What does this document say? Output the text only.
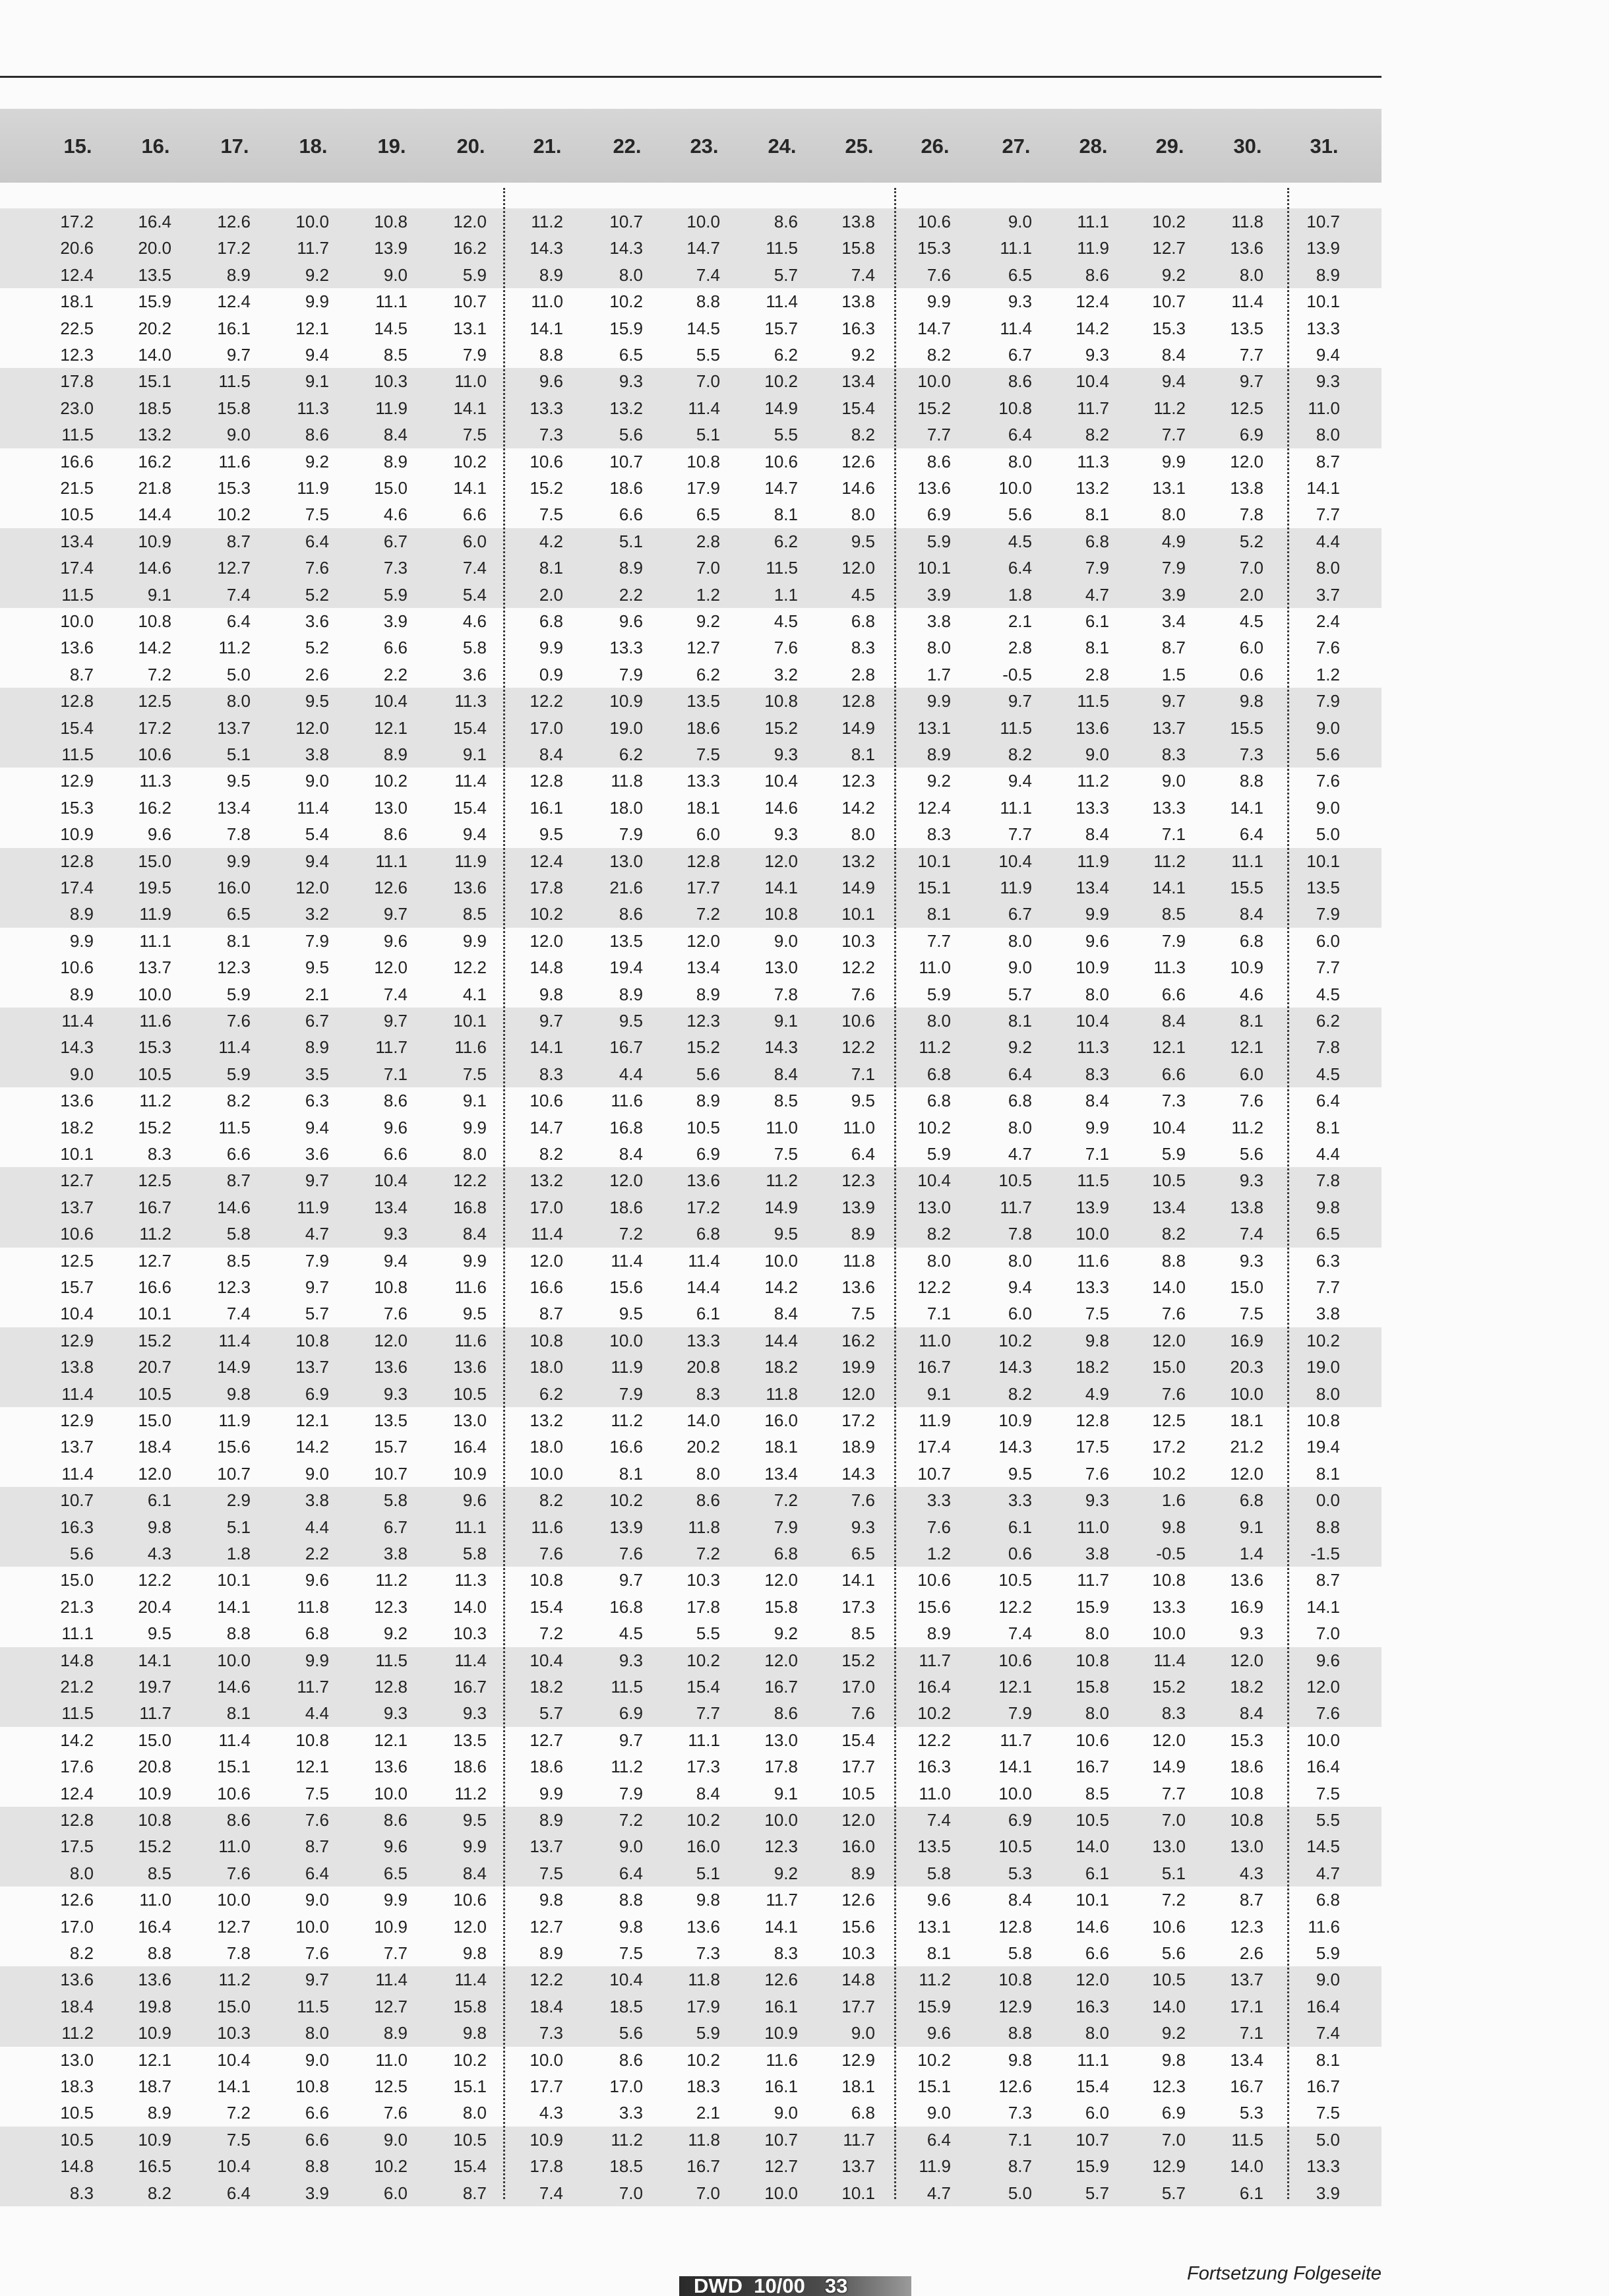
15.	16.	17.	18.	19.	20.	21.	22.	23.	24.	25.	26.	27.	28.	29.	30.	31.
17.2	16.4	12.6	10.0	10.8	12.0	11.2	10.7	10.0	8.6	13.8	10.6	9.0	11.1	10.2	11.8	10.7
20.6	20.0	17.2	11.7	13.9	16.2	14.3	14.3	14.7	11.5	15.8	15.3	11.1	11.9	12.7	13.6	13.9
12.4	13.5	8.9	9.2	9.0	5.9	8.9	8.0	7.4	5.7	7.4	7.6	6.5	8.6	9.2	8.0	8.9
18.1	15.9	12.4	9.9	11.1	10.7	11.0	10.2	8.8	11.4	13.8	9.9	9.3	12.4	10.7	11.4	10.1
22.5	20.2	16.1	12.1	14.5	13.1	14.1	15.9	14.5	15.7	16.3	14.7	11.4	14.2	15.3	13.5	13.3
12.3	14.0	9.7	9.4	8.5	7.9	8.8	6.5	5.5	6.2	9.2	8.2	6.7	9.3	8.4	7.7	9.4
17.8	15.1	11.5	9.1	10.3	11.0	9.6	9.3	7.0	10.2	13.4	10.0	8.6	10.4	9.4	9.7	9.3
23.0	18.5	15.8	11.3	11.9	14.1	13.3	13.2	11.4	14.9	15.4	15.2	10.8	11.7	11.2	12.5	11.0
11.5	13.2	9.0	8.6	8.4	7.5	7.3	5.6	5.1	5.5	8.2	7.7	6.4	8.2	7.7	6.9	8.0
16.6	16.2	11.6	9.2	8.9	10.2	10.6	10.7	10.8	10.6	12.6	8.6	8.0	11.3	9.9	12.0	8.7
21.5	21.8	15.3	11.9	15.0	14.1	15.2	18.6	17.9	14.7	14.6	13.6	10.0	13.2	13.1	13.8	14.1
10.5	14.4	10.2	7.5	4.6	6.6	7.5	6.6	6.5	8.1	8.0	6.9	5.6	8.1	8.0	7.8	7.7
13.4	10.9	8.7	6.4	6.7	6.0	4.2	5.1	2.8	6.2	9.5	5.9	4.5	6.8	4.9	5.2	4.4
17.4	14.6	12.7	7.6	7.3	7.4	8.1	8.9	7.0	11.5	12.0	10.1	6.4	7.9	7.9	7.0	8.0
11.5	9.1	7.4	5.2	5.9	5.4	2.0	2.2	1.2	1.1	4.5	3.9	1.8	4.7	3.9	2.0	3.7
10.0	10.8	6.4	3.6	3.9	4.6	6.8	9.6	9.2	4.5	6.8	3.8	2.1	6.1	3.4	4.5	2.4
13.6	14.2	11.2	5.2	6.6	5.8	9.9	13.3	12.7	7.6	8.3	8.0	2.8	8.1	8.7	6.0	7.6
8.7	7.2	5.0	2.6	2.2	3.6	0.9	7.9	6.2	3.2	2.8	1.7	-0.5	2.8	1.5	0.6	1.2
12.8	12.5	8.0	9.5	10.4	11.3	12.2	10.9	13.5	10.8	12.8	9.9	9.7	11.5	9.7	9.8	7.9
15.4	17.2	13.7	12.0	12.1	15.4	17.0	19.0	18.6	15.2	14.9	13.1	11.5	13.6	13.7	15.5	9.0
11.5	10.6	5.1	3.8	8.9	9.1	8.4	6.2	7.5	9.3	8.1	8.9	8.2	9.0	8.3	7.3	5.6
12.9	11.3	9.5	9.0	10.2	11.4	12.8	11.8	13.3	10.4	12.3	9.2	9.4	11.2	9.0	8.8	7.6
15.3	16.2	13.4	11.4	13.0	15.4	16.1	18.0	18.1	14.6	14.2	12.4	11.1	13.3	13.3	14.1	9.0
10.9	9.6	7.8	5.4	8.6	9.4	9.5	7.9	6.0	9.3	8.0	8.3	7.7	8.4	7.1	6.4	5.0
12.8	15.0	9.9	9.4	11.1	11.9	12.4	13.0	12.8	12.0	13.2	10.1	10.4	11.9	11.2	11.1	10.1
17.4	19.5	16.0	12.0	12.6	13.6	17.8	21.6	17.7	14.1	14.9	15.1	11.9	13.4	14.1	15.5	13.5
8.9	11.9	6.5	3.2	9.7	8.5	10.2	8.6	7.2	10.8	10.1	8.1	6.7	9.9	8.5	8.4	7.9
9.9	11.1	8.1	7.9	9.6	9.9	12.0	13.5	12.0	9.0	10.3	7.7	8.0	9.6	7.9	6.8	6.0
10.6	13.7	12.3	9.5	12.0	12.2	14.8	19.4	13.4	13.0	12.2	11.0	9.0	10.9	11.3	10.9	7.7
8.9	10.0	5.9	2.1	7.4	4.1	9.8	8.9	8.9	7.8	7.6	5.9	5.7	8.0	6.6	4.6	4.5
11.4	11.6	7.6	6.7	9.7	10.1	9.7	9.5	12.3	9.1	10.6	8.0	8.1	10.4	8.4	8.1	6.2
14.3	15.3	11.4	8.9	11.7	11.6	14.1	16.7	15.2	14.3	12.2	11.2	9.2	11.3	12.1	12.1	7.8
9.0	10.5	5.9	3.5	7.1	7.5	8.3	4.4	5.6	8.4	7.1	6.8	6.4	8.3	6.6	6.0	4.5
13.6	11.2	8.2	6.3	8.6	9.1	10.6	11.6	8.9	8.5	9.5	6.8	6.8	8.4	7.3	7.6	6.4
18.2	15.2	11.5	9.4	9.6	9.9	14.7	16.8	10.5	11.0	11.0	10.2	8.0	9.9	10.4	11.2	8.1
10.1	8.3	6.6	3.6	6.6	8.0	8.2	8.4	6.9	7.5	6.4	5.9	4.7	7.1	5.9	5.6	4.4
12.7	12.5	8.7	9.7	10.4	12.2	13.2	12.0	13.6	11.2	12.3	10.4	10.5	11.5	10.5	9.3	7.8
13.7	16.7	14.6	11.9	13.4	16.8	17.0	18.6	17.2	14.9	13.9	13.0	11.7	13.9	13.4	13.8	9.8
10.6	11.2	5.8	4.7	9.3	8.4	11.4	7.2	6.8	9.5	8.9	8.2	7.8	10.0	8.2	7.4	6.5
12.5	12.7	8.5	7.9	9.4	9.9	12.0	11.4	11.4	10.0	11.8	8.0	8.0	11.6	8.8	9.3	6.3
15.7	16.6	12.3	9.7	10.8	11.6	16.6	15.6	14.4	14.2	13.6	12.2	9.4	13.3	14.0	15.0	7.7
10.4	10.1	7.4	5.7	7.6	9.5	8.7	9.5	6.1	8.4	7.5	7.1	6.0	7.5	7.6	7.5	3.8
12.9	15.2	11.4	10.8	12.0	11.6	10.8	10.0	13.3	14.4	16.2	11.0	10.2	9.8	12.0	16.9	10.2
13.8	20.7	14.9	13.7	13.6	13.6	18.0	11.9	20.8	18.2	19.9	16.7	14.3	18.2	15.0	20.3	19.0
11.4	10.5	9.8	6.9	9.3	10.5	6.2	7.9	8.3	11.8	12.0	9.1	8.2	4.9	7.6	10.0	8.0
12.9	15.0	11.9	12.1	13.5	13.0	13.2	11.2	14.0	16.0	17.2	11.9	10.9	12.8	12.5	18.1	10.8
13.7	18.4	15.6	14.2	15.7	16.4	18.0	16.6	20.2	18.1	18.9	17.4	14.3	17.5	17.2	21.2	19.4
11.4	12.0	10.7	9.0	10.7	10.9	10.0	8.1	8.0	13.4	14.3	10.7	9.5	7.6	10.2	12.0	8.1
10.7	6.1	2.9	3.8	5.8	9.6	8.2	10.2	8.6	7.2	7.6	3.3	3.3	9.3	1.6	6.8	0.0
16.3	9.8	5.1	4.4	6.7	11.1	11.6	13.9	11.8	7.9	9.3	7.6	6.1	11.0	9.8	9.1	8.8
5.6	4.3	1.8	2.2	3.8	5.8	7.6	7.6	7.2	6.8	6.5	1.2	0.6	3.8	-0.5	1.4	-1.5
15.0	12.2	10.1	9.6	11.2	11.3	10.8	9.7	10.3	12.0	14.1	10.6	10.5	11.7	10.8	13.6	8.7
21.3	20.4	14.1	11.8	12.3	14.0	15.4	16.8	17.8	15.8	17.3	15.6	12.2	15.9	13.3	16.9	14.1
11.1	9.5	8.8	6.8	9.2	10.3	7.2	4.5	5.5	9.2	8.5	8.9	7.4	8.0	10.0	9.3	7.0
14.8	14.1	10.0	9.9	11.5	11.4	10.4	9.3	10.2	12.0	15.2	11.7	10.6	10.8	11.4	12.0	9.6
21.2	19.7	14.6	11.7	12.8	16.7	18.2	11.5	15.4	16.7	17.0	16.4	12.1	15.8	15.2	18.2	12.0
11.5	11.7	8.1	4.4	9.3	9.3	5.7	6.9	7.7	8.6	7.6	10.2	7.9	8.0	8.3	8.4	7.6
14.2	15.0	11.4	10.8	12.1	13.5	12.7	9.7	11.1	13.0	15.4	12.2	11.7	10.6	12.0	15.3	10.0
17.6	20.8	15.1	12.1	13.6	18.6	18.6	11.2	17.3	17.8	17.7	16.3	14.1	16.7	14.9	18.6	16.4
12.4	10.9	10.6	7.5	10.0	11.2	9.9	7.9	8.4	9.1	10.5	11.0	10.0	8.5	7.7	10.8	7.5
12.8	10.8	8.6	7.6	8.6	9.5	8.9	7.2	10.2	10.0	12.0	7.4	6.9	10.5	7.0	10.8	5.5
17.5	15.2	11.0	8.7	9.6	9.9	13.7	9.0	16.0	12.3	16.0	13.5	10.5	14.0	13.0	13.0	14.5
8.0	8.5	7.6	6.4	6.5	8.4	7.5	6.4	5.1	9.2	8.9	5.8	5.3	6.1	5.1	4.3	4.7
12.6	11.0	10.0	9.0	9.9	10.6	9.8	8.8	9.8	11.7	12.6	9.6	8.4	10.1	7.2	8.7	6.8
17.0	16.4	12.7	10.0	10.9	12.0	12.7	9.8	13.6	14.1	15.6	13.1	12.8	14.6	10.6	12.3	11.6
8.2	8.8	7.8	7.6	7.7	9.8	8.9	7.5	7.3	8.3	10.3	8.1	5.8	6.6	5.6	2.6	5.9
13.6	13.6	11.2	9.7	11.4	11.4	12.2	10.4	11.8	12.6	14.8	11.2	10.8	12.0	10.5	13.7	9.0
18.4	19.8	15.0	11.5	12.7	15.8	18.4	18.5	17.9	16.1	17.7	15.9	12.9	16.3	14.0	17.1	16.4
11.2	10.9	10.3	8.0	8.9	9.8	7.3	5.6	5.9	10.9	9.0	9.6	8.8	8.0	9.2	7.1	7.4
13.0	12.1	10.4	9.0	11.0	10.2	10.0	8.6	10.2	11.6	12.9	10.2	9.8	11.1	9.8	13.4	8.1
18.3	18.7	14.1	10.8	12.5	15.1	17.7	17.0	18.3	16.1	18.1	15.1	12.6	15.4	12.3	16.7	16.7
10.5	8.9	7.2	6.6	7.6	8.0	4.3	3.3	2.1	9.0	6.8	9.0	7.3	6.0	6.9	5.3	7.5
10.5	10.9	7.5	6.6	9.0	10.5	10.9	11.2	11.8	10.7	11.7	6.4	7.1	10.7	7.0	11.5	5.0
14.8	16.5	10.4	8.8	10.2	15.4	17.8	18.5	16.7	12.7	13.7	11.9	8.7	15.9	12.9	14.0	13.3
8.3	8.2	6.4	3.9	6.0	8.7	7.4	7.0	7.0	10.0	10.1	4.7	5.0	5.7	5.7	6.1	3.9
Fortsetzung Folgeseite
DWD  10/00 33
